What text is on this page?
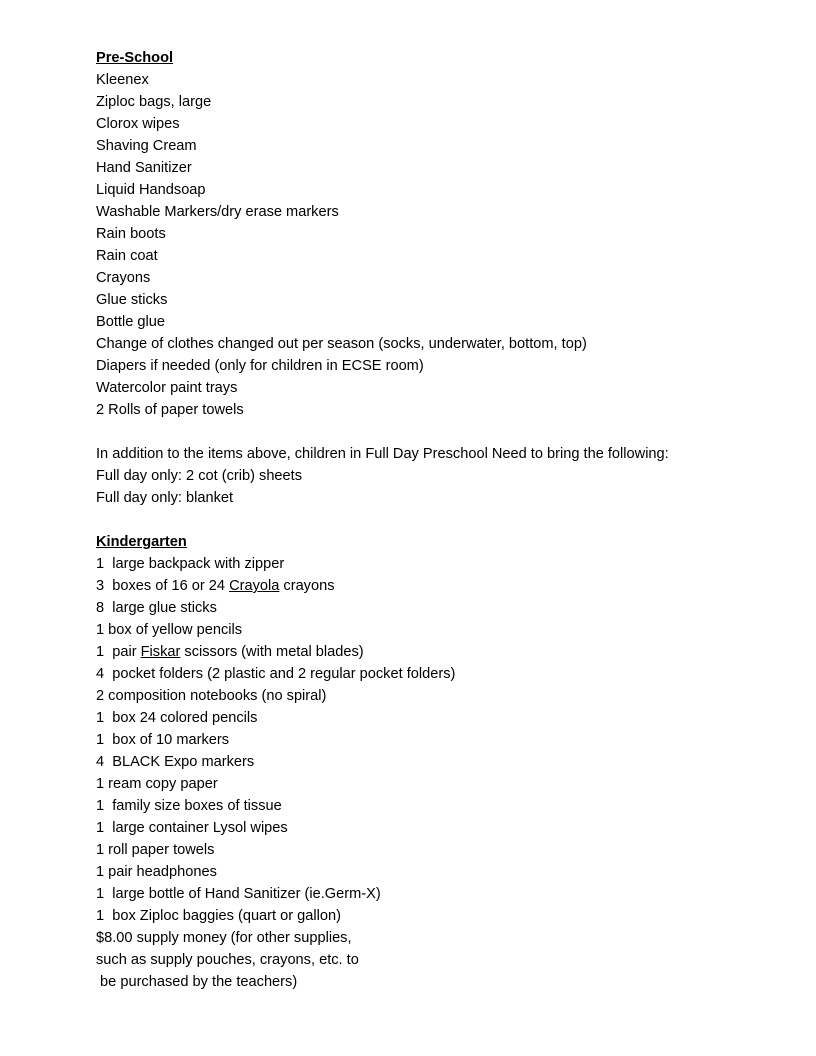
Pre-School
Kleenex
Ziploc bags, large
Clorox wipes
Shaving Cream
Hand Sanitizer
Liquid Handsoap
Washable Markers/dry erase markers
Rain boots
Rain coat
Crayons
Glue sticks
Bottle glue
Change of clothes changed out per season (socks, underwater, bottom, top)
Diapers if needed (only for children in ECSE room)
Watercolor paint trays
2 Rolls of paper towels
In addition to the items above, children in Full Day Preschool Need to bring the following:
Full day only: 2 cot (crib) sheets
Full day only: blanket
Kindergarten
1  large backpack with zipper
3  boxes of 16 or 24 Crayola crayons
8  large glue sticks
1 box of yellow pencils
1  pair Fiskar scissors (with metal blades)
4  pocket folders (2 plastic and 2 regular pocket folders)
2 composition notebooks (no spiral)
1  box 24 colored pencils
1  box of 10 markers
4  BLACK Expo markers
1 ream copy paper
1  family size boxes of tissue
1  large container Lysol wipes
1 roll paper towels
1 pair headphones
1  large bottle of Hand Sanitizer (ie.Germ-X)
1  box Ziploc baggies (quart or gallon)
$8.00 supply money (for other supplies,
such as supply pouches, crayons, etc. to
be purchased by the teachers)
